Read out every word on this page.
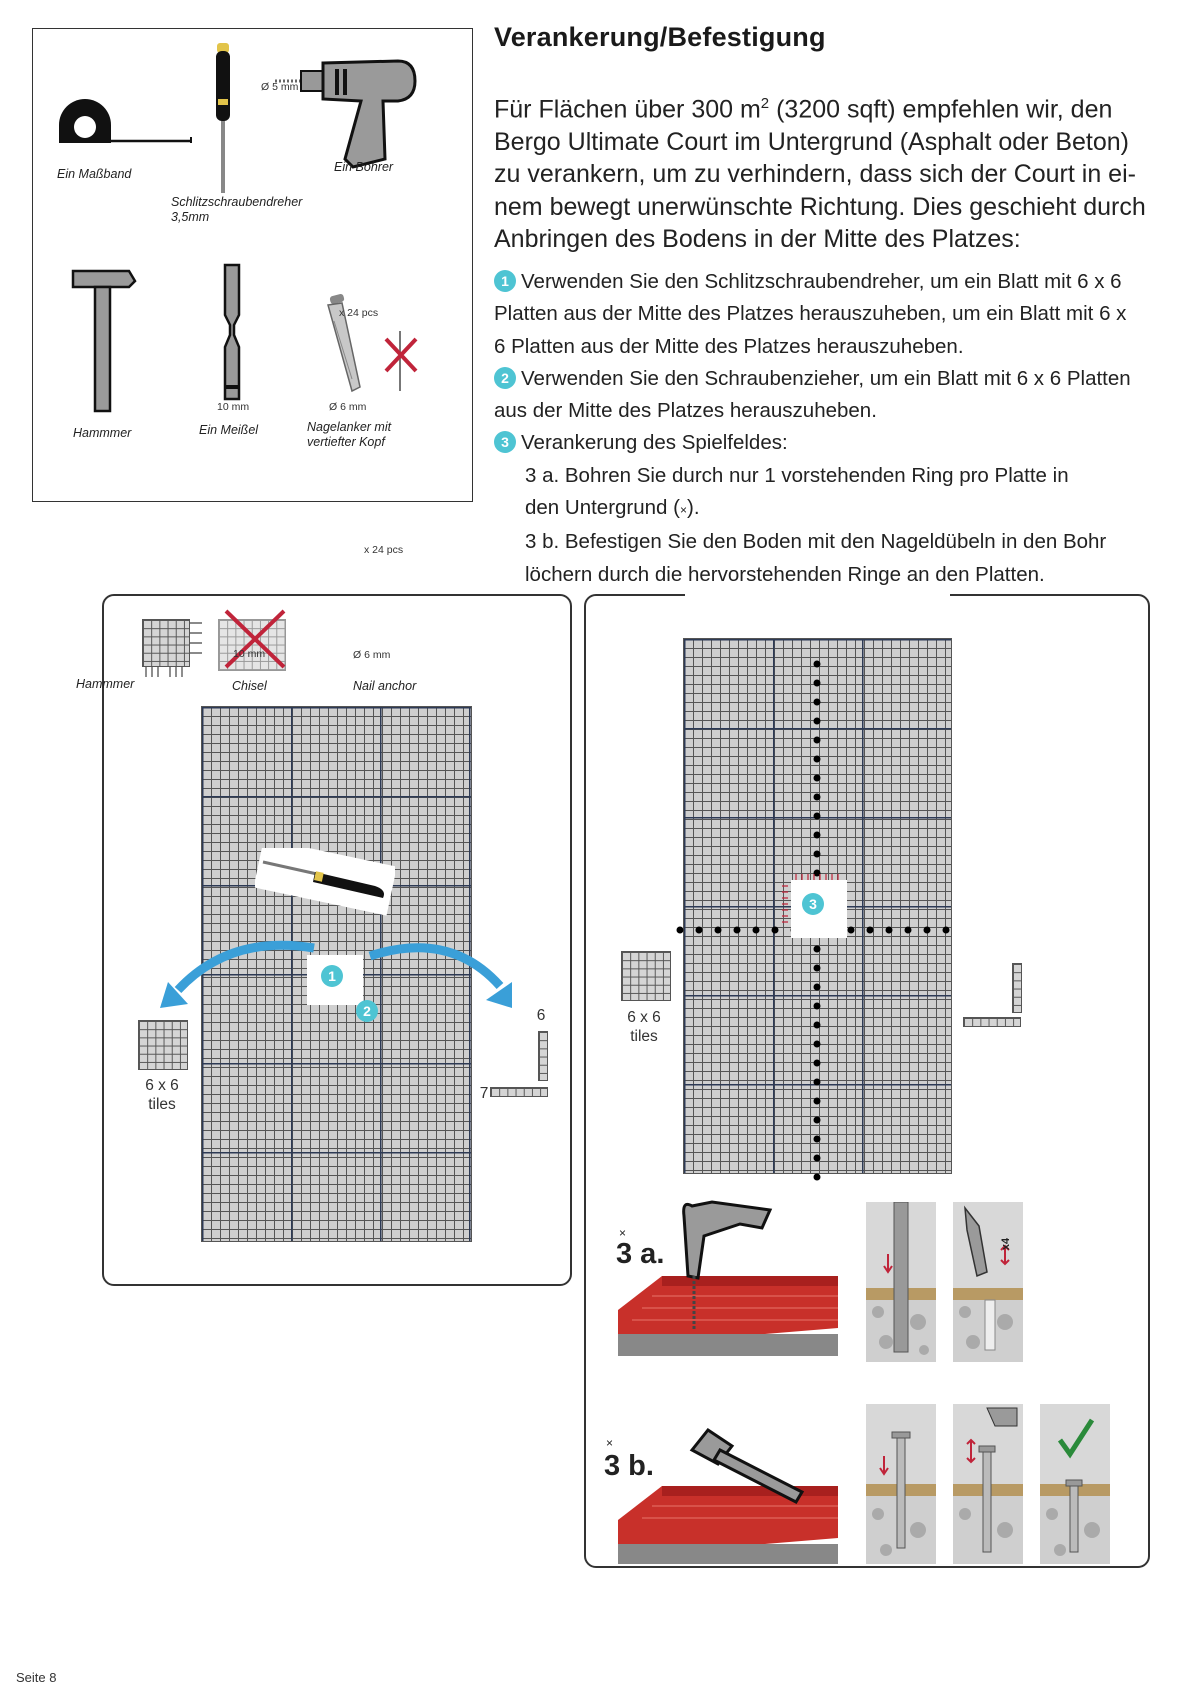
Ein Maßband
Ø 5 mm
Schlitzschraubendreher
3,5mm
Ein Bohrer
Hammmer
10 mm
Ein Meißel
x 24 pcs
Ø 6 mm
Nagelanker mit
vertiefter Kopf
x 24 pcs
Verankerung/Befestigung
Für Flächen über 300 $m^2$ (3200 sqft) empfehlen wir, den
Bergo Ultimate Court im Untergrund (Asphalt oder Beton)
zu verankern, um zu verhindern, dass sich der Court in ei-
nem bewegt unerwünschte Richtung. Dies geschieht durch
Anbringen des Bodens in der Mitte des Platzes:
1 Verwenden Sie den Schlitzschraubendreher, um ein Blatt mit 6 x 6
Platten aus der Mitte des Platzes herauszuheben, um ein Blatt mit 6 x
6 Platten aus der Mitte des Platzes herauszuheben.
2 Verwenden Sie den Schraubenzieher, um ein Blatt mit 6 x 6 Platten
aus der Mitte des Platzes herauszuheben.
3 Verankerung des Spielfeldes:
3 a. Bohren Sie durch nur 1 vorstehenden Ring pro Platte in
den Untergrund (×).
3 b. Befestigen Sie den Boden mit den Nageldübeln in den Bohr
löchern durch die hervorstehenden Ringe an den Platten.
10 mm	Ø 6 mm
Hammmer	Chisel	Nail anchor
1
2
6 x 6
tiles
6
7
3
6 x 6
tiles
×
3 a.	x4
×
3 b.
Seite 8
